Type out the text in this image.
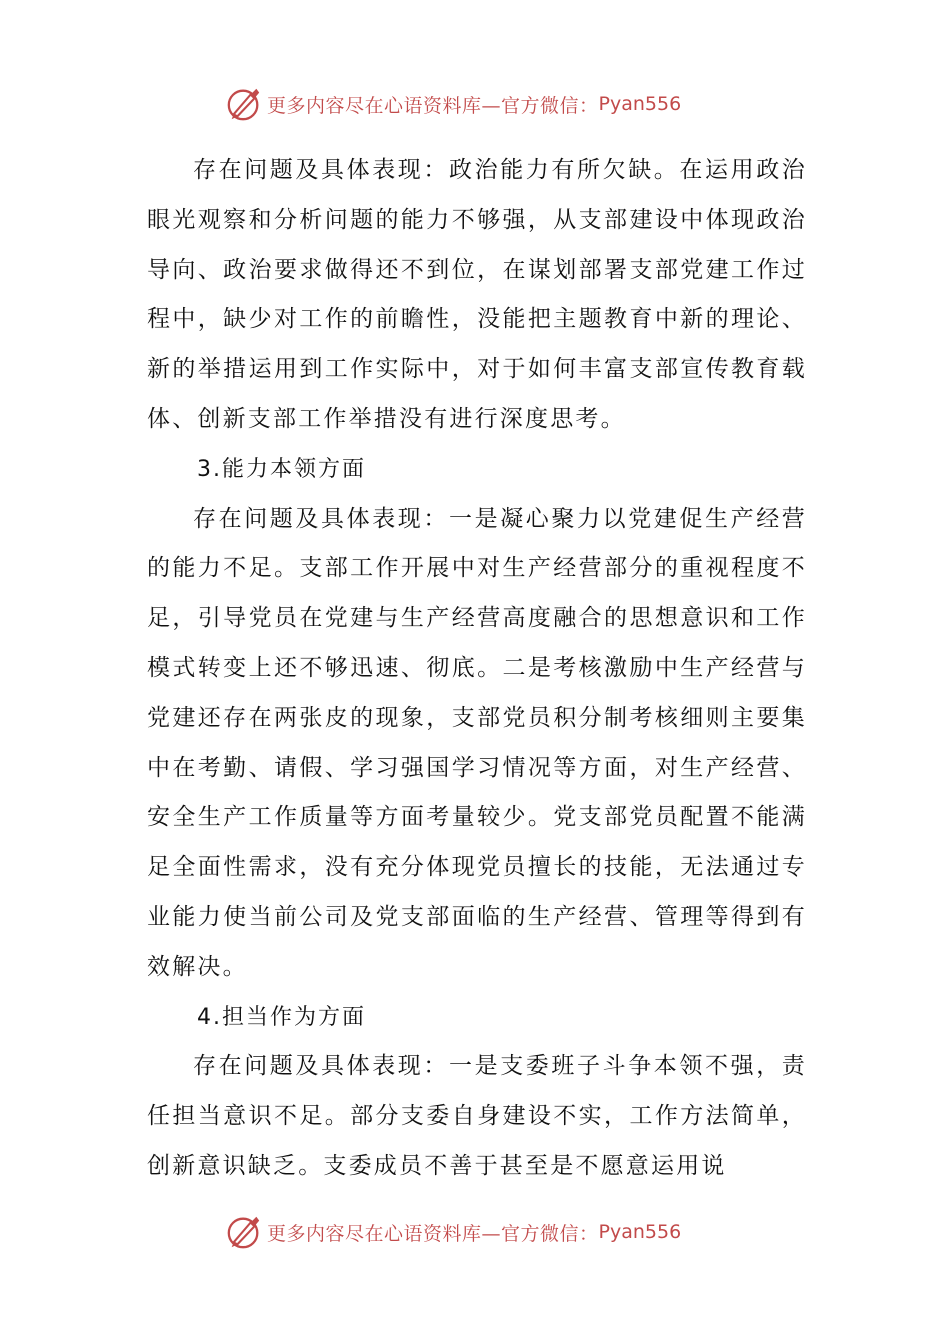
更多内容尽在心语资料库—官方微信： Pyan556

存在问题及具体表现：政治能力有所欠缺。在运用政治眼光观察和分析问题的能力不够强，从支部建设中体现政治导向、政治要求做得还不到位，在谋划部署支部党建工作过程中，缺少对工作的前瞻性，没能把主题教育中新的理论、新的举措运用到工作实际中，对于如何丰富支部宣传教育载体、创新支部工作举措没有进行深度思考。

3.能力本领方面

存在问题及具体表现：一是凝心聚力以党建促生产经营的能力不足。支部工作开展中对生产经营部分的重视程度不足，引导党员在党建与生产经营高度融合的思想意识和工作模式转变上还不够迅速、彻底。二是考核激励中生产经营与党建还存在两张皮的现象，支部党员积分制考核细则主要集中在考勤、请假、学习强国学习情况等方面，对生产经营、安全生产工作质量等方面考量较少。党支部党员配置不能满足全面性需求，没有充分体现党员擅长的技能，无法通过专业能力使当前公司及党支部面临的生产经营、管理等得到有效解决。

4.担当作为方面

存在问题及具体表现：一是支委班子斗争本领不强，责任担当意识不足。部分支委自身建设不实，工作方法简单，创新意识缺乏。支委成员不善于甚至是不愿意运用说

更多内容尽在心语资料库—官方微信： Pyan556
